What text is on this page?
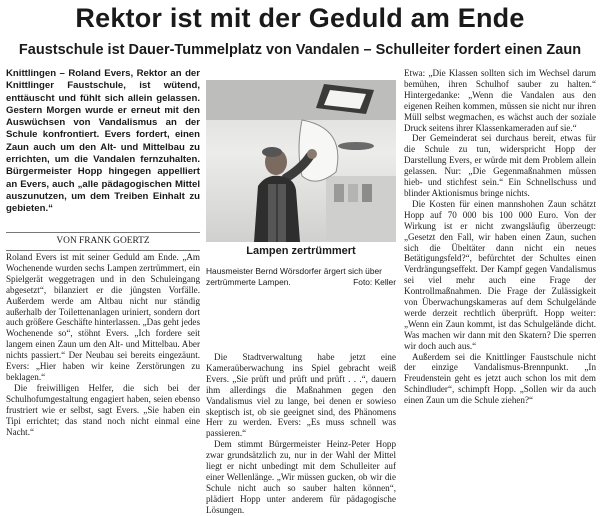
Rektor ist mit der Geduld am Ende
Faustschule ist Dauer-Tummelplatz von Vandalen – Schulleiter fordert einen Zaun
Knittlingen – Roland Evers, Rektor an der Knittlinger Faustschule, ist wütend, enttäuscht und fühlt sich allein gelassen. Gestern Morgen wurde er erneut mit den Auswüchsen von Vandalismus an der Schule konfrontiert. Evers fordert, einen Zaun auch um den Alt- und Mittelbau zu errichten, um die Vandalen fernzuhalten. Bürgermeister Hopp hingegen appelliert an Evers, auch „alle pädagogischen Mittel auszunutzen, um dem Treiben Einhalt zu gebieten.“
VON FRANK GOERTZ

Roland Evers ist mit seiner Geduld am Ende. „Am Wochenende wurden sechs Lampen zertrümmert, ein Spielgerät weggetragen und in den Schuleingang abgesetzt“, bilanziert er die jüngsten Vorfälle. Außerdem werde am Altbau nicht nur ständig außerhalb der Toilettenanlagen uriniert, sondern dort auch größere Geschäfte hinterlassen. „Das geht jedes Wochenende so“, stöhnt Evers. „Ich fordere seit langem einen Zaun um den Alt- und Mittelbau. Aber nichts passiert.“ Der Neubau sei bereits eingezäunt. Evers: „Hier haben wir keine Zerstörungen zu beklagen.“

Die freiwilligen Helfer, die sich bei der Schulhofumgestaltung engagiert haben, seien ebenso frustriert wie er selbst, sagt Evers. „Sie haben ein Tipi errichtet; das stand noch nicht einmal eine Nacht.“

Lampen zertrümmert
Hausmeister Bernd Wörsdorfer ärgert sich über zertrümmerte Lampen.	Foto: Keller

Die Stadtverwaltung habe jetzt eine Kameraüberwachung ins Spiel gebracht weiß Evers. „Sie prüft und prüft und prüft . . .“, dauern ihm allerdings die Maßnahmen gegen den Vandalismus viel zu lange, bei denen er sowieso skeptisch ist, ob sie geeignet sind, des Phänomens Herr zu werden. Evers: „Es muss schnell was passieren.“

Dem stimmt Bürgermeister Heinz-Peter Hopp zwar grundsätzlich zu, nur in der Wahl der Mittel liegt er nicht unbedingt mit dem Schulleiter auf einer Wellenlänge. „Wir müssen gucken, ob wir die Schule nicht auch so sauber halten können“, plädiert Hopp unter anderem für pädagogische Lösungen.

Etwa: „Die Klassen sollten sich im Wechsel darum bemühen, ihren Schulhof sauber zu halten.“ Hintergedanke: „Wenn die Vandalen aus den eigenen Reihen kommen, müssen sie nicht nur ihren Müll selbst wegmachen, es wächst auch der soziale Druck seitens ihrer Klassenkameraden auf sie.“

Der Gemeinderat sei durchaus bereit, etwas für die Schule zu tun, widerspricht Hopp der Darstellung Evers, er würde mit dem Problem allein gelassen. Nur: „Die Gegenmaßnahmen müssen hieb- und stichfest sein.“ Ein Schnellschuss und blinder Aktionismus bringe nichts.

Die Kosten für einen mannshohen Zaun schätzt Hopp auf 70 000 bis 100 000 Euro. Von der Wirkung ist er nicht zwangsläufig überzeugt: „Gesetzt den Fall, wir haben einen Zaun, suchen sich die Übeltäter dann nicht ein neues Betätigungsfeld?“, befürchtet der Schultes einen Verdrängungseffekt. Der Kampf gegen Vandalismus sei viel mehr auch eine Frage der Kontrollmaßnahmen. Die Frage der Zulässigkeit von Überwachungskameras auf dem Schulgelände werde derzeit rechtlich überprüft. Hopp weiter: „Wenn ein Zaun kommt, ist das Schulgelände dicht. Was machen wir dann mit den Skatern? Die sperren wir doch auch aus.“

Außerdem sei die Knittlinger Faustschule nicht der einzige Vandalismus-Brennpunkt. „In Freudenstein geht es jetzt auch schon los mit dem Schindluder“, schimpft Hopp. „Sollen wir da auch einen Zaun um die Schule ziehen?“
